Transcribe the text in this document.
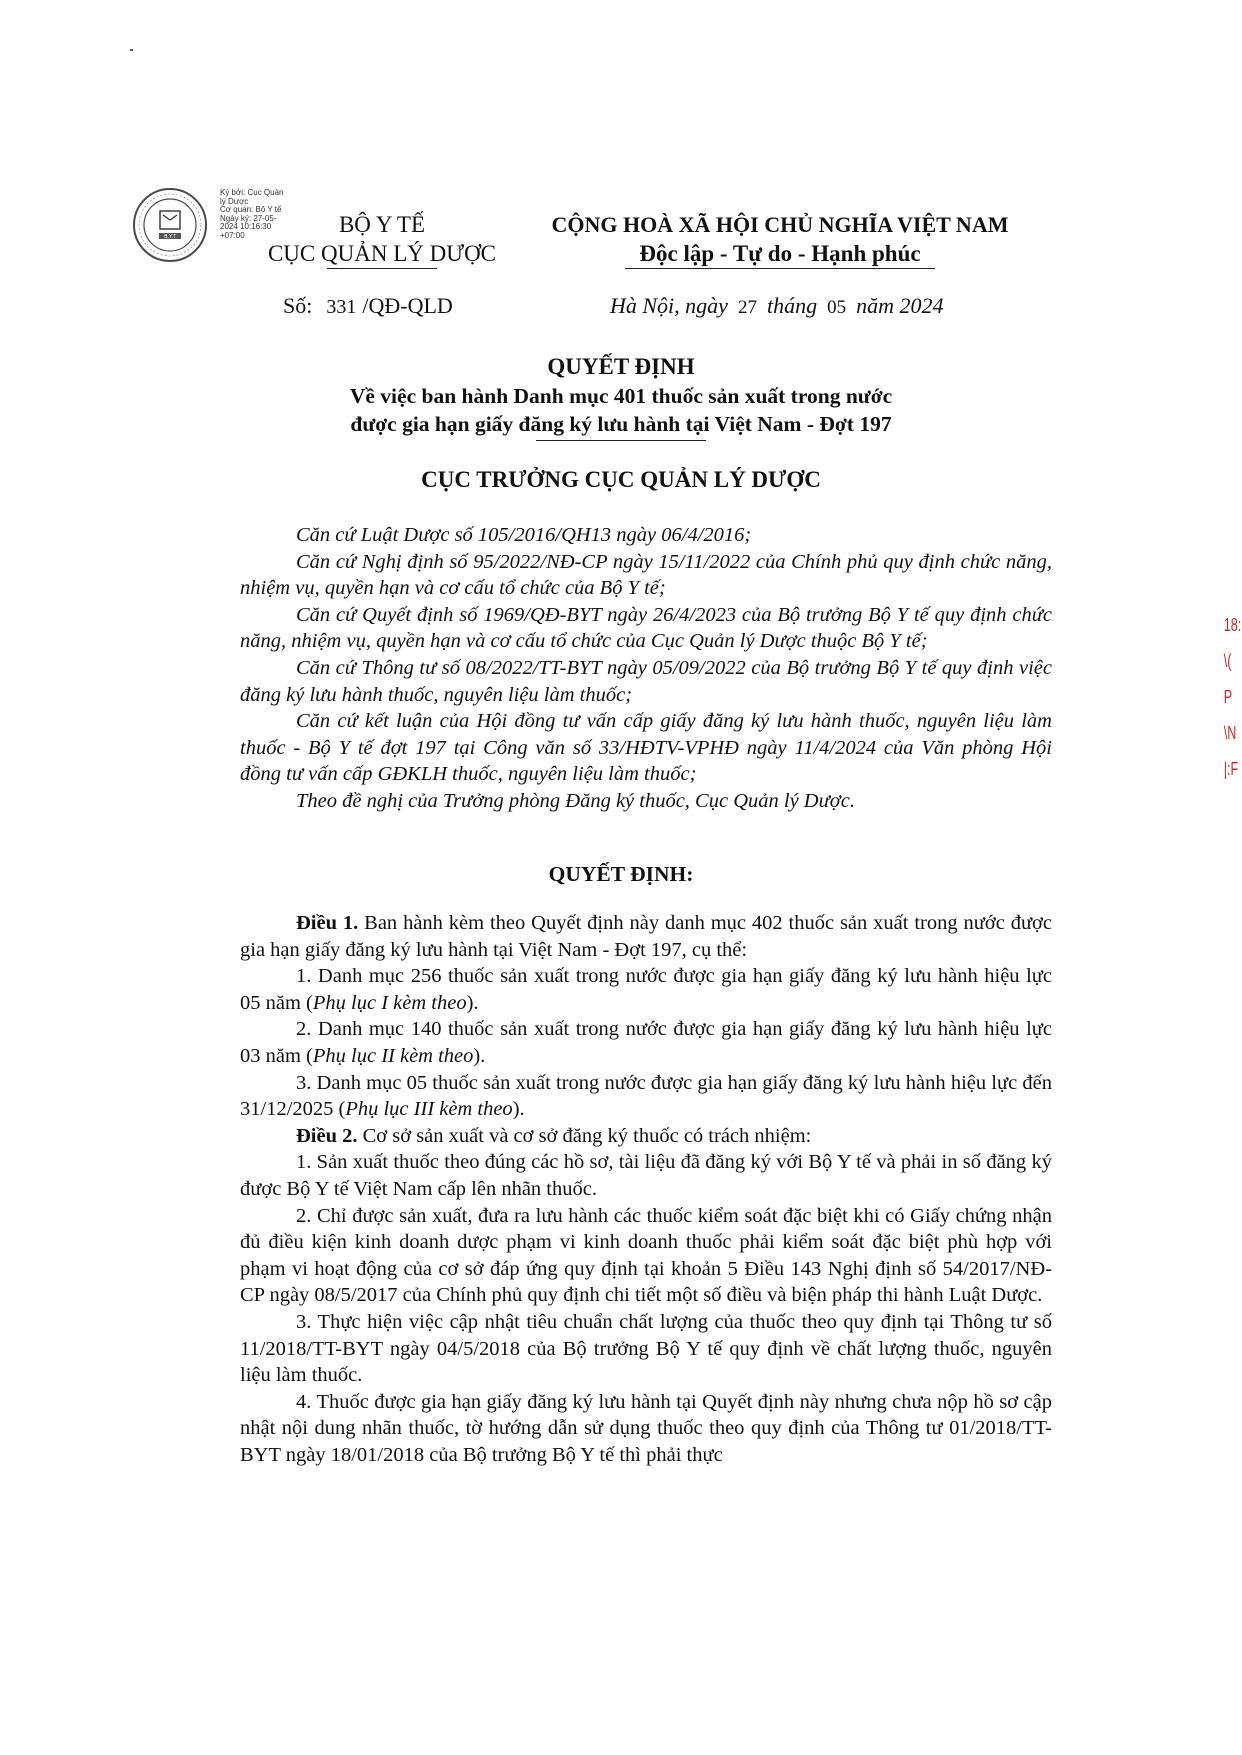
B.Y.T
Ký bởi: Cục Quản
lý Dược
Cơ quan: Bộ Y tế
Ngày ký: 27-05-
2024 10:16:30
+07:00	BỘ Y TẾ
CỤC QUẢN LÝ DƯỢC
CỘNG HOÀ XÃ HỘI CHỦ NGHĨA VIỆT NAM
Độc lập - Tự do - Hạnh phúc
Số: 331 /QĐ-QLD	Hà Nội, ngày 27 tháng 05 năm 2024
QUYẾT ĐỊNH
Về việc ban hành Danh mục 401 thuốc sản xuất trong nước
được gia hạn giấy đăng ký lưu hành tại Việt Nam - Đợt 197
CỤC TRƯỞNG CỤC QUẢN LÝ DƯỢC

Căn cứ Luật Dược số 105/2016/QH13 ngày 06/4/2016;

Căn cứ Nghị định số 95/2022/NĐ-CP ngày 15/11/2022 của Chính phủ quy định chức năng, nhiệm vụ, quyền hạn và cơ cấu tổ chức của Bộ Y tế;

Căn cứ Quyết định số 1969/QĐ-BYT ngày 26/4/2023 của Bộ trưởng Bộ Y tế quy định chức năng, nhiệm vụ, quyền hạn và cơ cấu tổ chức của Cục Quản lý Dược thuộc Bộ Y tế;

Căn cứ Thông tư số 08/2022/TT-BYT ngày 05/09/2022 của Bộ trưởng Bộ Y tế quy định việc đăng ký lưu hành thuốc, nguyên liệu làm thuốc;

Căn cứ kết luận của Hội đồng tư vấn cấp giấy đăng ký lưu hành thuốc, nguyên liệu làm thuốc - Bộ Y tế đợt 197 tại Công văn số 33/HĐTV-VPHĐ ngày 11/4/2024 của Văn phòng Hội đồng tư vấn cấp GĐKLH thuốc, nguyên liệu làm thuốc;

Theo đề nghị của Trưởng phòng Đăng ký thuốc, Cục Quản lý Dược.

QUYẾT ĐỊNH:

Điều 1. Ban hành kèm theo Quyết định này danh mục 402 thuốc sản xuất trong nước được gia hạn giấy đăng ký lưu hành tại Việt Nam - Đợt 197, cụ thể:

1. Danh mục 256 thuốc sản xuất trong nước được gia hạn giấy đăng ký lưu hành hiệu lực 05 năm (Phụ lục I kèm theo).

2. Danh mục 140 thuốc sản xuất trong nước được gia hạn giấy đăng ký lưu hành hiệu lực 03 năm (Phụ lục II kèm theo).

3. Danh mục 05 thuốc sản xuất trong nước được gia hạn giấy đăng ký lưu hành hiệu lực đến 31/12/2025 (Phụ lục III kèm theo).

Điều 2. Cơ sở sản xuất và cơ sở đăng ký thuốc có trách nhiệm:

1. Sản xuất thuốc theo đúng các hồ sơ, tài liệu đã đăng ký với Bộ Y tế và phải in số đăng ký được Bộ Y tế Việt Nam cấp lên nhãn thuốc.

2. Chỉ được sản xuất, đưa ra lưu hành các thuốc kiểm soát đặc biệt khi có Giấy chứng nhận đủ điều kiện kinh doanh dược phạm vi kinh doanh thuốc phải kiểm soát đặc biệt phù hợp với phạm vi hoạt động của cơ sở đáp ứng quy định tại khoản 5 Điều 143 Nghị định số 54/2017/NĐ-CP ngày 08/5/2017 của Chính phủ quy định chi tiết một số điều và biện pháp thi hành Luật Dược.

3. Thực hiện việc cập nhật tiêu chuẩn chất lượng của thuốc theo quy định tại Thông tư số 11/2018/TT-BYT ngày 04/5/2018 của Bộ trưởng Bộ Y tế quy định về chất lượng thuốc, nguyên liệu làm thuốc.

4. Thuốc được gia hạn giấy đăng ký lưu hành tại Quyết định này nhưng chưa nộp hồ sơ cập nhật nội dung nhãn thuốc, tờ hướng dẫn sử dụng thuốc theo quy định của Thông tư 01/2018/TT-BYT ngày 18/01/2018 của Bộ trưởng Bộ Y tế thì phải thực

18:
\(
P
\N
|:F
